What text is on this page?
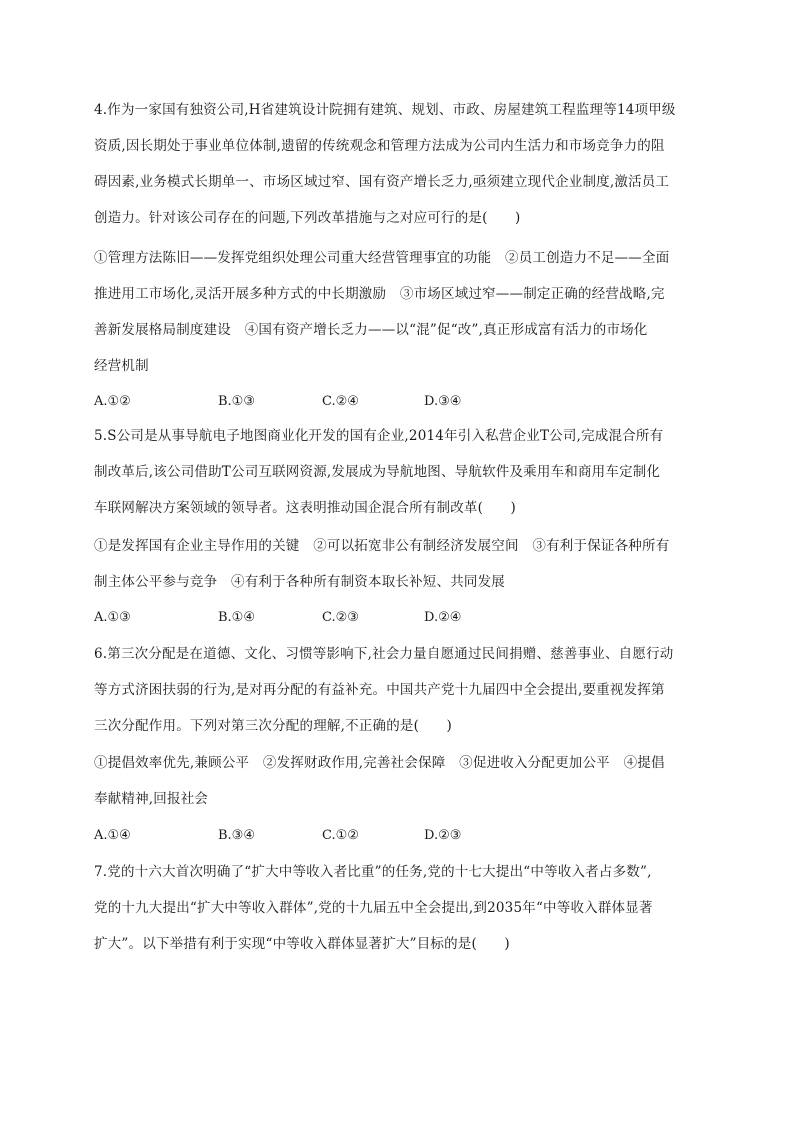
4.作为一家国有独资公司,H省建筑设计院拥有建筑、规划、市政、房屋建筑工程监理等14项甲级
资质,因长期处于事业单位体制,遗留的传统观念和管理方法成为公司内生活力和市场竞争力的阻
碍因素,业务模式长期单一、市场区域过窄、国有资产增长乏力,亟须建立现代企业制度,激活员工
创造力。针对该公司存在的问题,下列改革措施与之对应可行的是(　　)
①管理方法陈旧——发挥党组织处理公司重大经营管理事宜的功能　②员工创造力不足——全面
推进用工市场化,灵活开展多种方式的中长期激励　③市场区域过窄——制定正确的经营战略,完
善新发展格局制度建设　④国有资产增长乏力——以“混”促“改”,真正形成富有活力的市场化
经营机制
A.①②	B.①③	C.②④	D.③④
5.S公司是从事导航电子地图商业化开发的国有企业,2014年引入私营企业T公司,完成混合所有
制改革后,该公司借助T公司互联网资源,发展成为导航地图、导航软件及乘用车和商用车定制化
车联网解决方案领域的领导者。这表明推动国企混合所有制改革(　　)
①是发挥国有企业主导作用的关键　②可以拓宽非公有制经济发展空间　③有利于保证各种所有
制主体公平参与竞争　④有利于各种所有制资本取长补短、共同发展
A.①③	B.①④	C.②③	D.②④
6.第三次分配是在道德、文化、习惯等影响下,社会力量自愿通过民间捐赠、慈善事业、自愿行动
等方式济困扶弱的行为,是对再分配的有益补充。中国共产党十九届四中全会提出,要重视发挥第
三次分配作用。下列对第三次分配的理解,不正确的是(　　)
①提倡效率优先,兼顾公平　②发挥财政作用,完善社会保障　③促进收入分配更加公平　④提倡
奉献精神,回报社会
A.①④	B.③④	C.①②	D.②③
7.党的十六大首次明确了“扩大中等收入者比重”的任务,党的十七大提出“中等收入者占多数”,
党的十九大提出“扩大中等收入群体”,党的十九届五中全会提出,到2035年“中等收入群体显著
扩大”。以下举措有利于实现“中等收入群体显著扩大”目标的是(　　)
